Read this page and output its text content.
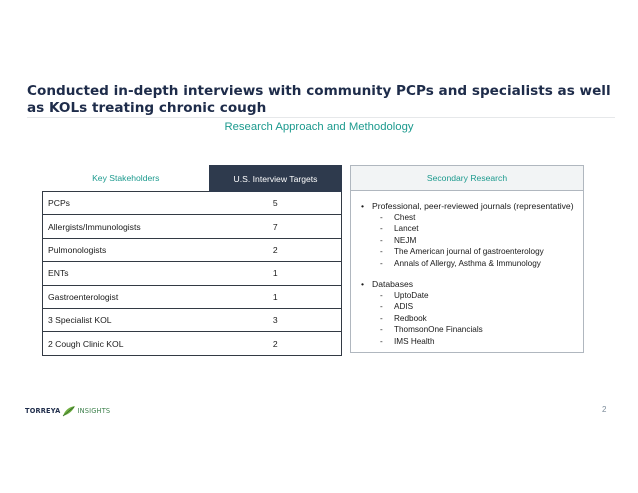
Conducted in-depth interviews with community PCPs and specialists as well as KOLs treating chronic cough
Research Approach and Methodology
Key Stakeholders	U.S. Interview Targets
PCPs	5
Allergists/Immunologists	7
Pulmonologists	2
ENTs	1
Gastroenterologist	1
3 Specialist KOL	3
2 Cough Clinic KOL	2
Secondary Research
• Professional, peer-reviewed journals (representative)
-	Chest
-	Lancet
-	NEJM
-	The American journal of gastroenterology
-	Annals of Allergy, Asthma & Immunology
• Databases
-	UptoDate
-	ADIS
-	Redbook
-	ThomsonOne Financials
-	IMS Health
TORREYA	INSIGHTS	2
